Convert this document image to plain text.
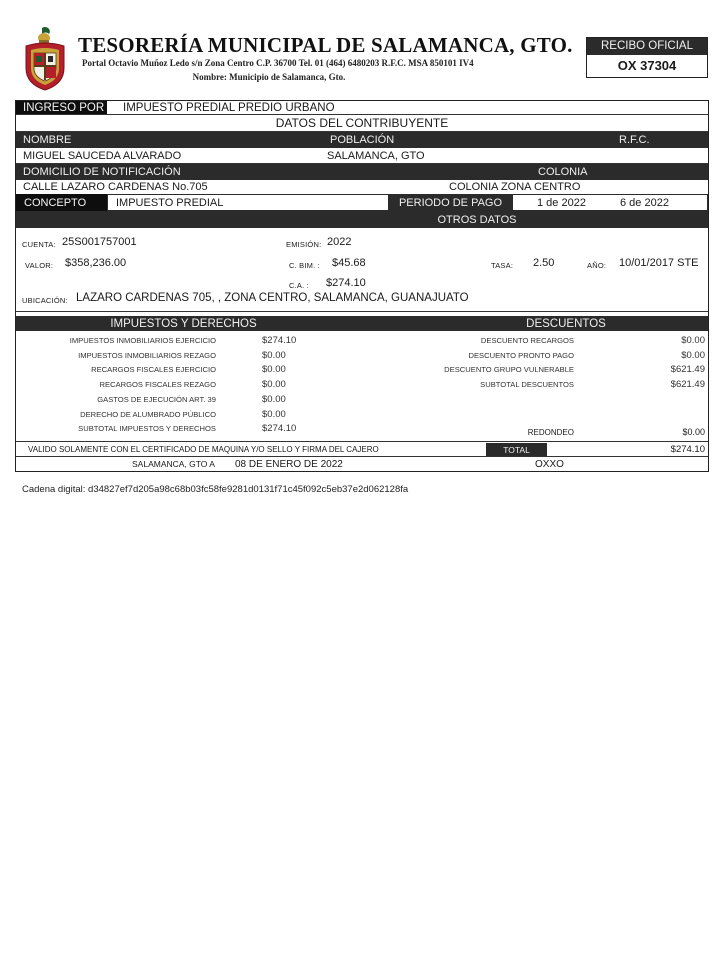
TESORERÍA MUNICIPAL DE SALAMANCA, GTO.
Portal Octavio Muñoz Ledo s/n Zona Centro C.P. 36700 Tel. 01 (464) 6480203 R.F.C. MSA 850101 IV4
Nombre: Municipio de Salamanca, Gto.
RECIBO OFICIAL
OX 37304
INGRESO POR IMPUESTO PREDIAL PREDIO URBANO
DATOS DEL CONTRIBUYENTE
NOMBRE	POBLACIÓN	R.F.C.
MIGUEL SAUCEDA ALVARADO	SALAMANCA, GTO
DOMICILIO DE NOTIFICACIÓN	COLONIA
CALLE LAZARO CARDENAS No.705	COLONIA ZONA CENTRO
CONCEPTO	IMPUESTO PREDIAL	PERIODO DE PAGO	1 de 2022	6 de 2022
OTROS DATOS
CUENTA: 25S001757001	EMISIÓN: 2022
VALOR: $358,236.00	C. BIM. : $45.68	TASA: 2.50	AÑO: 10/01/2017 STE
C.A. : $274.10
UBICACIÓN: LAZARO CARDENAS 705, , ZONA CENTRO, SALAMANCA, GUANAJUATO
IMPUESTOS Y DERECHOS	DESCUENTOS
IMPUESTOS INMOBILIARIOS EJERCICIO	$274.10
IMPUESTOS INMOBILIARIOS REZAGO	$0.00
RECARGOS FISCALES EJERCICIO	$0.00
RECARGOS FISCALES REZAGO	$0.00
GASTOS DE EJECUCIÓN ART. 39	$0.00
DERECHO DE ALUMBRADO PÚBLICO	$0.00
SUBTOTAL IMPUESTOS Y DERECHOS	$274.10
DESCUENTO RECARGOS	$0.00
DESCUENTO PRONTO PAGO	$0.00
DESCUENTO GRUPO VULNERABLE	$621.49
SUBTOTAL DESCUENTOS	$621.49
REDONDEO	$0.00
VALIDO SOLAMENTE CON EL CERTIFICADO DE MAQUINA Y/O SELLO Y FIRMA DEL CAJERO	TOTAL	$274.10
SALAMANCA, GTO A	08 DE ENERO DE 2022	OXXO
Cadena digital: d34827ef7d205a98c68b03fc58fe9281d0131f71c45f092c5eb37e2d062128fa
